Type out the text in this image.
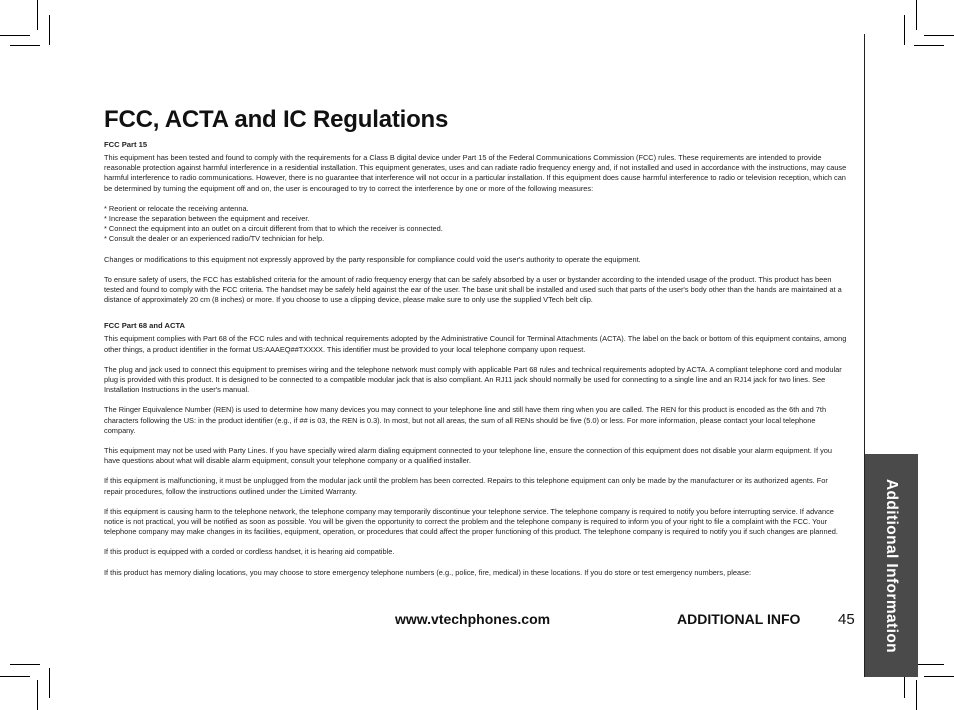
Additional Information
FCC, ACTA and IC Regulations
FCC Part 15

This equipment has been tested and found to comply with the requirements for a Class B digital device under Part 15 of the Federal Communications Commission (FCC) rules. These requirements are intended to provide reasonable protection against harmful interference in a residential installation. This equipment generates, uses and can radiate radio frequency energy and, if not installed and used in accordance with the instructions, may cause harmful interference to radio communications. However, there is no guarantee that interference will not occur in a particular installation. If this equipment does cause harmful interference to radio or television reception, which can be determined by turning the equipment off and on, the user is encouraged to try to correct the interference by one or more of the following measures:

* Reorient or relocate the receiving antenna.
* Increase the separation between the equipment and receiver.
* Connect the equipment into an outlet on a circuit different from that to which the receiver is connected.
* Consult the dealer or an experienced radio/TV technician for help.

Changes or modifications to this equipment not expressly approved by the party responsible for compliance could void the user's authority to operate the equipment.

To ensure safety of users, the FCC has established criteria for the amount of radio frequency energy that can be safely absorbed by a user or bystander according to the intended usage of the product. This product has been tested and found to comply with the FCC criteria. The handset may be safely held against the ear of the user. The base unit shall be installed and used such that parts of the user's body other than the hands are maintained at a distance of approximately 20 cm (8 inches) or more. If you choose to use a clipping device, please make sure to only use the supplied VTech belt clip.

FCC Part 68 and ACTA

This equipment complies with Part 68 of the FCC rules and with technical requirements adopted by the Administrative Council for Terminal Attachments (ACTA). The label on the back or bottom of this equipment contains, among other things, a product identifier in the format US:AAAEQ##TXXXX. This identifier must be provided to your local telephone company upon request.

The plug and jack used to connect this equipment to premises wiring and the telephone network must comply with applicable Part 68 rules and technical requirements adopted by ACTA. A compliant telephone cord and modular plug is provided with this product. It is designed to be connected to a compatible modular jack that is also compliant. An RJ11 jack should normally be used for connecting to a single line and an RJ14 jack for two lines. See Installation Instructions in the user's manual.

The Ringer Equivalence Number (REN) is used to determine how many devices you may connect to your telephone line and still have them ring when you are called. The REN for this product is encoded as the 6th and 7th characters following the US: in the product identifier (e.g., if ## is 03, the REN is 0.3). In most, but not all areas, the sum of all RENs should be five (5.0) or less. For more information, please contact your local telephone company.

This equipment may not be used with Party Lines. If you have specially wired alarm dialing equipment connected to your telephone line, ensure the connection of this equipment does not disable your alarm equipment. If you have questions about what will disable alarm equipment, consult your telephone company or a qualified installer.

If this equipment is malfunctioning, it must be unplugged from the modular jack until the problem has been corrected. Repairs to this telephone equipment can only be made by the manufacturer or its authorized agents. For repair procedures, follow the instructions outlined under the Limited Warranty.

If this equipment is causing harm to the telephone network, the telephone company may temporarily discontinue your telephone service. The telephone company is required to notify you before interrupting service. If advance notice is not practical, you will be notified as soon as possible. You will be given the opportunity to correct the problem and the telephone company is required to inform you of your right to file a complaint with the FCC. Your telephone company may make changes in its facilities, equipment, operation, or procedures that could affect the proper functioning of this product. The telephone company is required to notify you if such changes are planned.

If this product is equipped with a corded or cordless handset, it is hearing aid compatible.

If this product has memory dialing locations, you may choose to store emergency telephone numbers (e.g., police, fire, medical) in these locations. If you do store or test emergency numbers, please:

www.vtechphones.com	ADDITIONAL INFO	45
